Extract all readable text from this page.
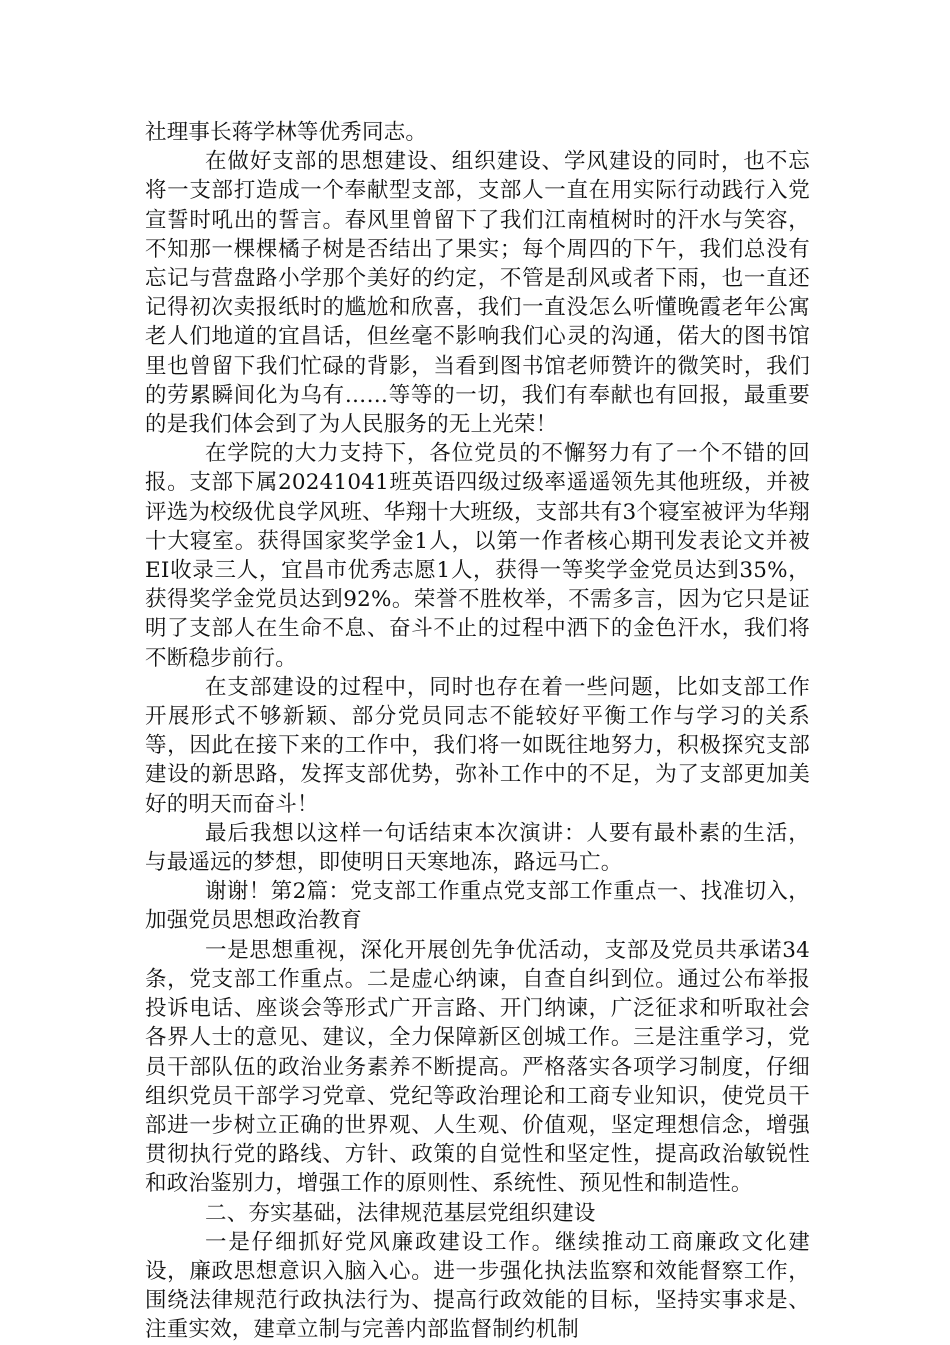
社理事长蒋学林等优秀同志。

在做好支部的思想建设、组织建设、学风建设的同时，也不忘将一支部打造成一个奉献型支部，支部人一直在用实际行动践行入党宣誓时吼出的誓言。春风里曾留下了我们江南植树时的汗水与笑容，不知那一棵棵橘子树是否结出了果实；每个周四的下午，我们总没有忘记与营盘路小学那个美好的约定，不管是刮风或者下雨，也一直还记得初次卖报纸时的尴尬和欣喜，我们一直没怎么听懂晚霞老年公寓老人们地道的宜昌话，但丝毫不影响我们心灵的沟通，偌大的图书馆里也曾留下我们忙碌的背影，当看到图书馆老师赞许的微笑时，我们的劳累瞬间化为乌有……等等的一切，我们有奉献也有回报，最重要的是我们体会到了为人民服务的无上光荣！

在学院的大力支持下，各位党员的不懈努力有了一个不错的回报。支部下属20241041班英语四级过级率遥遥领先其他班级，并被评选为校级优良学风班、华翔十大班级，支部共有3个寝室被评为华翔十大寝室。获得国家奖学金1人，以第一作者核心期刊发表论文并被EI收录三人，宜昌市优秀志愿1人，获得一等奖学金党员达到35%，获得奖学金党员达到92%。荣誉不胜枚举，不需多言，因为它只是证明了支部人在生命不息、奋斗不止的过程中洒下的金色汗水，我们将不断稳步前行。

在支部建设的过程中，同时也存在着一些问题，比如支部工作开展形式不够新颖、部分党员同志不能较好平衡工作与学习的关系等，因此在接下来的工作中，我们将一如既往地努力，积极探究支部建设的新思路，发挥支部优势，弥补工作中的不足，为了支部更加美好的明天而奋斗！

最后我想以这样一句话结束本次演讲：人要有最朴素的生活，与最遥远的梦想，即使明日天寒地冻，路远马亡。

谢谢！第2篇：党支部工作重点党支部工作重点一、找准切入，加强党员思想政治教育

一是思想重视，深化开展创先争优活动，支部及党员共承诺34条，党支部工作重点。二是虚心纳谏，自查自纠到位。通过公布举报投诉电话、座谈会等形式广开言路、开门纳谏，广泛征求和听取社会各界人士的意见、建议，全力保障新区创城工作。三是注重学习，党员干部队伍的政治业务素养不断提高。严格落实各项学习制度，仔细组织党员干部学习党章、党纪等政治理论和工商专业知识，使党员干部进一步树立正确的世界观、人生观、价值观，坚定理想信念，增强贯彻执行党的路线、方针、政策的自觉性和坚定性，提高政治敏锐性和政治鉴别力，增强工作的原则性、系统性、预见性和制造性。

二、夯实基础，法律规范基层党组织建设

一是仔细抓好党风廉政建设工作。继续推动工商廉政文化建设，廉政思想意识入脑入心。进一步强化执法监察和效能督察工作，围绕法律规范行政执法行为、提高行政效能的目标，坚持实事求是、注重实效，建章立制与完善内部监督制约机制
